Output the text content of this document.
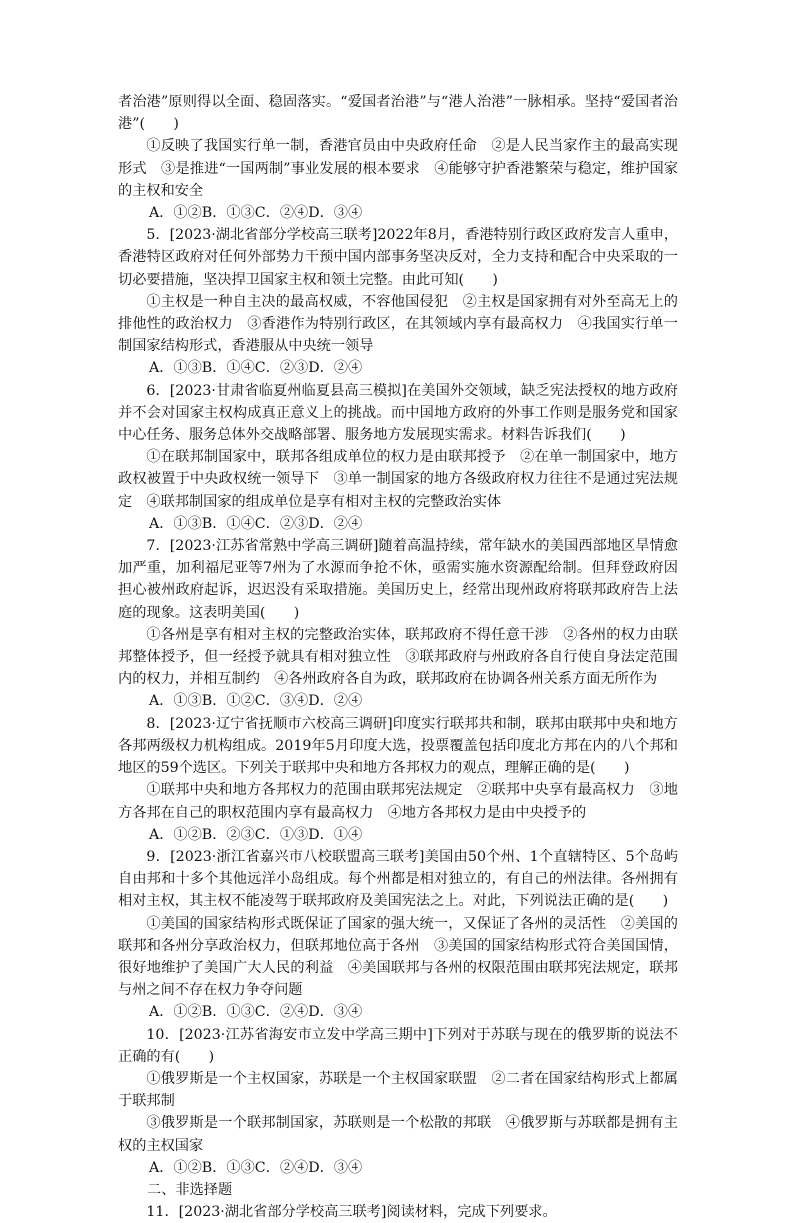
者治港”原则得以全面、稳固落实。“爱国者治港”与“港人治港”一脉相承。坚持“爱国者治港”(　　)

①反映了我国实行单一制，香港官员由中央政府任命　②是人民当家作主的最高实现形式　③是推进“一国两制”事业发展的根本要求　④能够守护香港繁荣与稳定，维护国家的主权和安全

A．①②B．①③C．②④D．③④

5．[2023·湖北省部分学校高三联考]2022年8月，香港特别行政区政府发言人重申，香港特区政府对任何外部势力干预中国内部事务坚决反对，全力支持和配合中央采取的一切必要措施，坚决捍卫国家主权和领土完整。由此可知(　　)

①主权是一种自主决的最高权威，不容他国侵犯　②主权是国家拥有对外至高无上的排他性的政治权力　③香港作为特别行政区，在其领域内享有最高权力　④我国实行单一制国家结构形式，香港服从中央统一领导

A．①③B．①④C．②③D．②④

6．[2023·甘肃省临夏州临夏县高三模拟]在美国外交领域，缺乏宪法授权的地方政府并不会对国家主权构成真正意义上的挑战。而中国地方政府的外事工作则是服务党和国家中心任务、服务总体外交战略部署、服务地方发展现实需求。材料告诉我们(　　)

①在联邦制国家中，联邦各组成单位的权力是由联邦授予　②在单一制国家中，地方政权被置于中央政权统一领导下　③单一制国家的地方各级政府权力往往不是通过宪法规定　④联邦制国家的组成单位是享有相对主权的完整政治实体

A．①③B．①④C．②③D．②④

7．[2023·江苏省常熟中学高三调研]随着高温持续，常年缺水的美国西部地区旱情愈加严重，加利福尼亚等7州为了水源而争抢不休，亟需实施水资源配给制。但拜登政府因担心被州政府起诉，迟迟没有采取措施。美国历史上，经常出现州政府将联邦政府告上法庭的现象。这表明美国(　　)

①各州是享有相对主权的完整政治实体，联邦政府不得任意干涉　②各州的权力由联邦整体授予，但一经授予就具有相对独立性　③联邦政府与州政府各自行使自身法定范围内的权力，并相互制约　④各州政府各自为政，联邦政府在协调各州关系方面无所作为

A．①③B．①②C．③④D．②④

8．[2023·辽宁省抚顺市六校高三调研]印度实行联邦共和制，联邦由联邦中央和地方各邦两级权力机构组成。2019年5月印度大选，投票覆盖包括印度北方邦在内的八个邦和地区的59个选区。下列关于联邦中央和地方各邦权力的观点，理解正确的是(　　)

①联邦中央和地方各邦权力的范围由联邦宪法规定　②联邦中央享有最高权力　③地方各邦在自己的职权范围内享有最高权力　④地方各邦权力是由中央授予的

A．①②B．②③C．①③D．①④

9．[2023·浙江省嘉兴市八校联盟高三联考]美国由50个州、1个直辖特区、5个岛屿自由邦和十多个其他远洋小岛组成。每个州都是相对独立的，有自己的州法律。各州拥有相对主权，其主权不能凌驾于联邦政府及美国宪法之上。对此，下列说法正确的是(　　)

①美国的国家结构形式既保证了国家的强大统一，又保证了各州的灵活性　②美国的联邦和各州分享政治权力，但联邦地位高于各州　③美国的国家结构形式符合美国国情，很好地维护了美国广大人民的利益　④美国联邦与各州的权限范围由联邦宪法规定，联邦与州之间不存在权力争夺问题

A．①②B．①③C．②④D．③④

10．[2023·江苏省海安市立发中学高三期中]下列对于苏联与现在的俄罗斯的说法不正确的有(　　)

①俄罗斯是一个主权国家，苏联是一个主权国家联盟　②二者在国家结构形式上都属于联邦制

③俄罗斯是一个联邦制国家，苏联则是一个松散的邦联　④俄罗斯与苏联都是拥有主权的主权国家

A．①②B．①③C．②④D．③④

二、非选择题

11．[2023·湖北省部分学校高三联考]阅读材料，完成下列要求。
